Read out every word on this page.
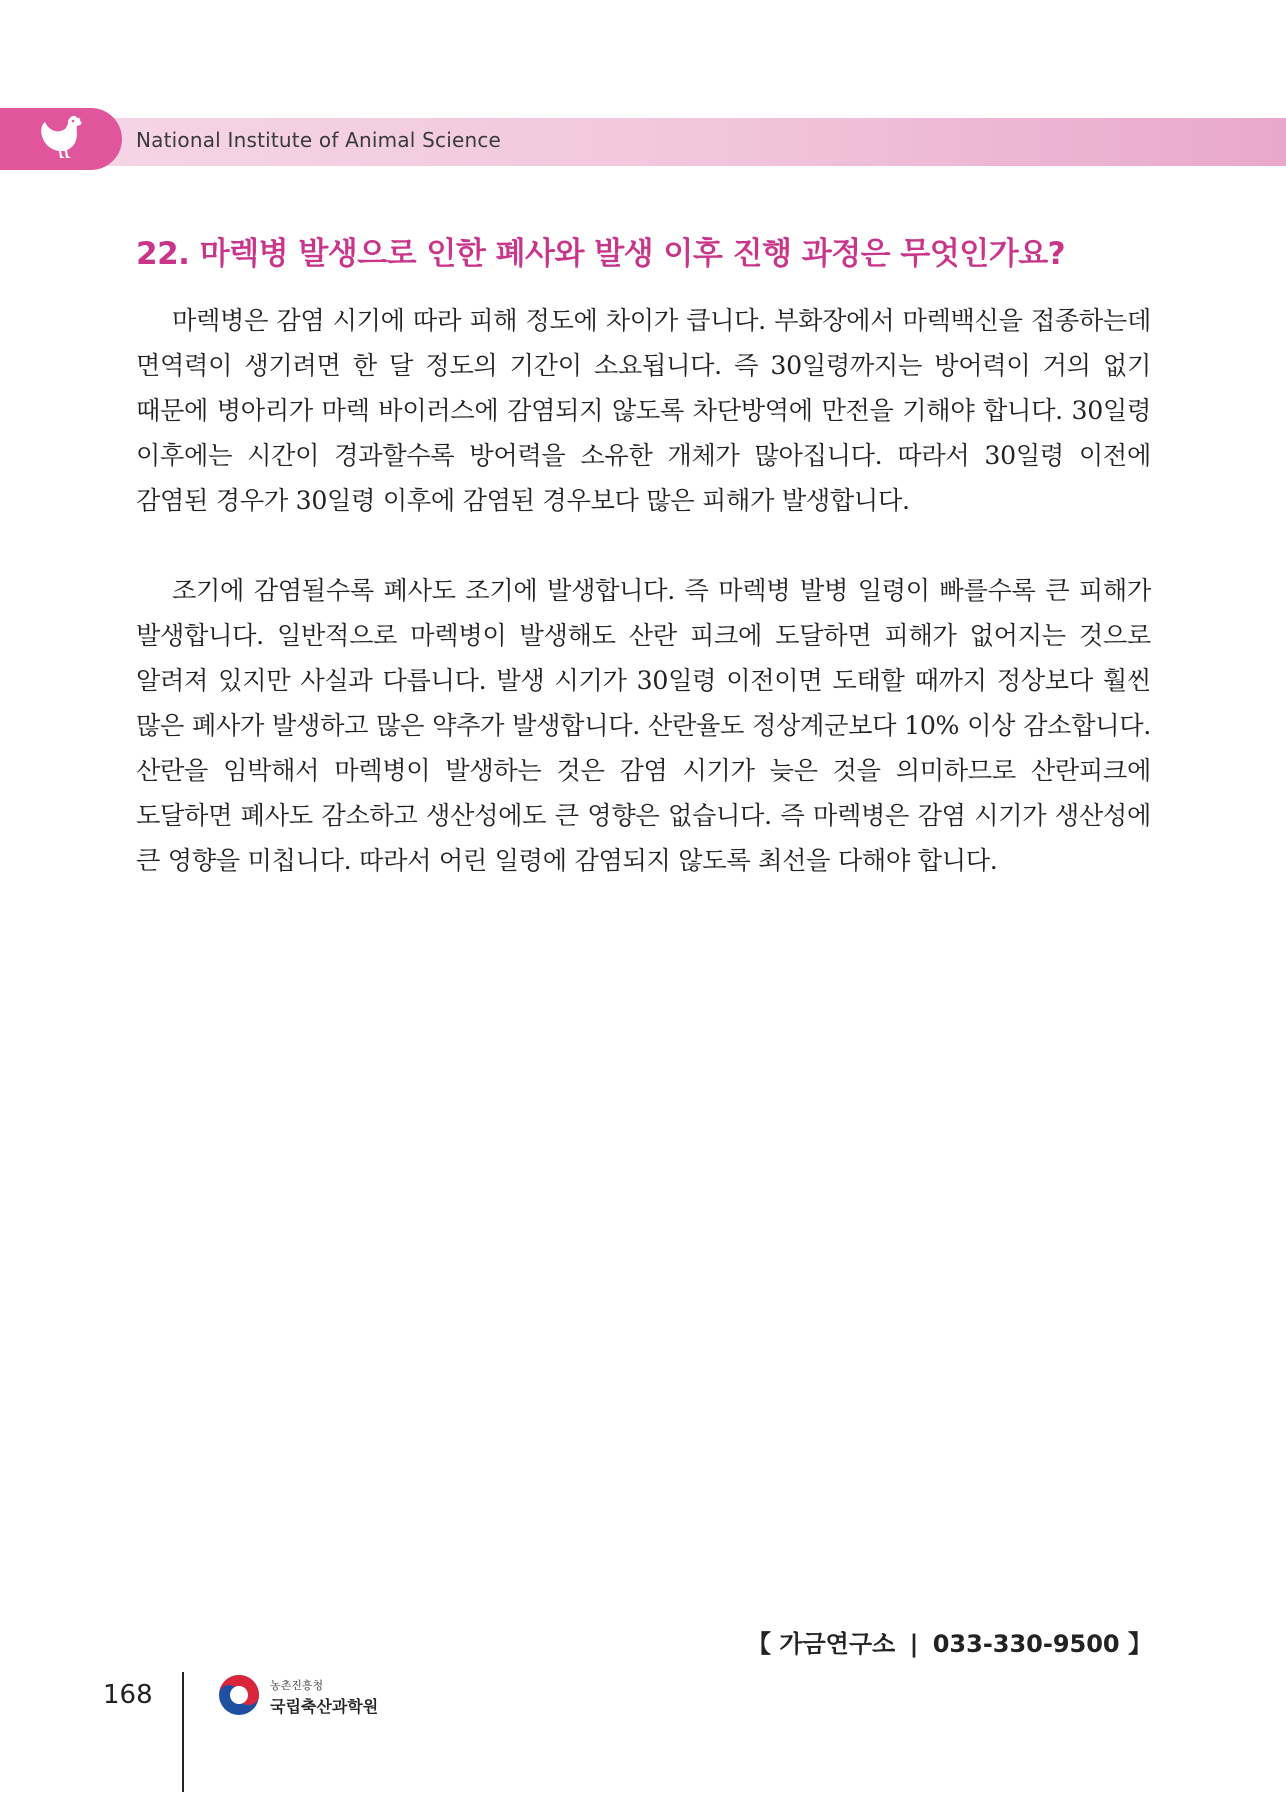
National Institute of Animal Science
22. 마렉병 발생으로 인한 폐사와 발생 이후 진행 과정은 무엇인가요?

마렉병은 감염 시기에 따라 피해 정도에 차이가 큽니다. 부화장에서 마렉백신을 접종하는데 면역력이 생기려면 한 달 정도의 기간이 소요됩니다. 즉 30일령까지는 방어력이 거의 없기 때문에 병아리가 마렉 바이러스에 감염되지 않도록 차단방역에 만전을 기해야 합니다. 30일령 이후에는 시간이 경과할수록 방어력을 소유한 개체가 많아집니다. 따라서 30일령 이전에 감염된 경우가 30일령 이후에 감염된 경우보다 많은 피해가 발생합니다.

조기에 감염될수록 폐사도 조기에 발생합니다. 즉 마렉병 발병 일령이 빠를수록 큰 피해가 발생합니다. 일반적으로 마렉병이 발생해도 산란 피크에 도달하면 피해가 없어지는 것으로 알려져 있지만 사실과 다릅니다. 발생 시기가 30일령 이전이면 도태할 때까지 정상보다 훨씬 많은 폐사가 발생하고 많은 약추가 발생합니다. 산란율도 정상계군보다 10% 이상 감소합니다. 산란을 임박해서 마렉병이 발생하는 것은 감염 시기가 늦은 것을 의미하므로 산란피크에 도달하면 폐사도 감소하고 생산성에도 큰 영향은 없습니다. 즉 마렉병은 감염 시기가 생산성에 큰 영향을 미칩니다. 따라서 어린 일령에 감염되지 않도록 최선을 다해야 합니다.

【 가금연구소 | 033-330-9500 】
168	농촌진흥청
국립축산과학원
